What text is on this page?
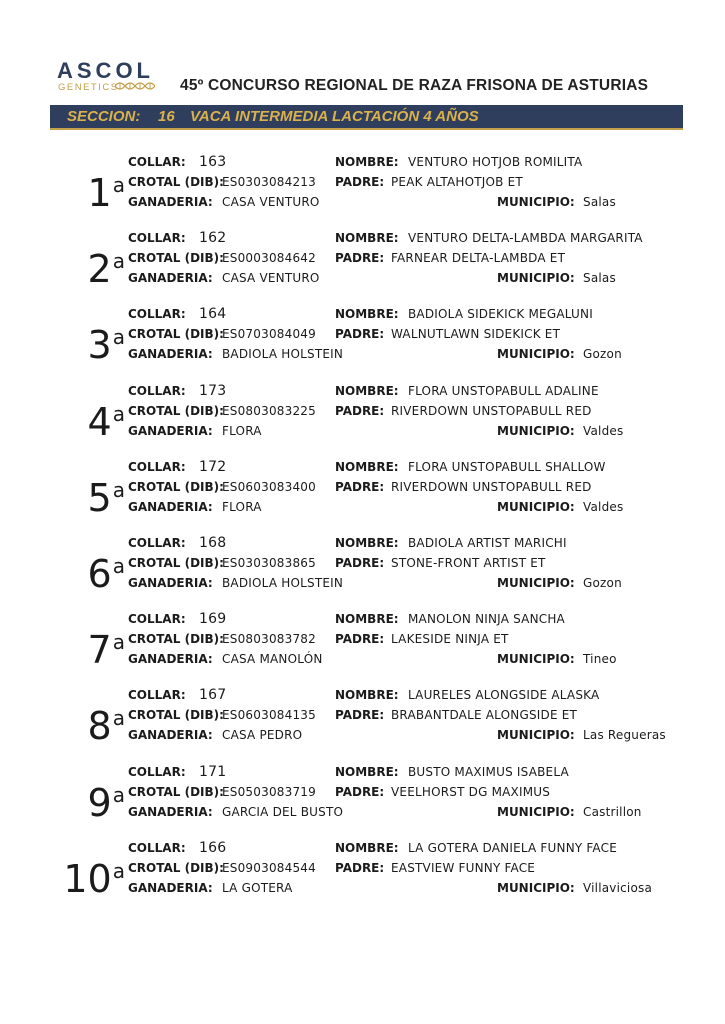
ASCOL
GENETICS	45º CONCURSO REGIONAL DE RAZA FRISONA DE ASTURIAS
SECCION: 16 VACA INTERMEDIA LACTACIÓN 4 AÑOS
1$^a$
COLLAR: 163
CROTAL (DIB):
ES0303084213
GANADERIA: CASA VENTURO
NOMBRE: VENTURO HOTJOB ROMILITA
PADRE: PEAK ALTAHOTJOB ET
MUNICIPIO: Salas
2$^a$
COLLAR: 162
CROTAL (DIB):
ES0003084642
GANADERIA: CASA VENTURO
NOMBRE: VENTURO DELTA-LAMBDA MARGARITA
PADRE: FARNEAR DELTA-LAMBDA ET
MUNICIPIO: Salas
3$^a$
COLLAR: 164
CROTAL (DIB):
ES0703084049
GANADERIA: BADIOLA HOLSTEIN
NOMBRE: BADIOLA SIDEKICK MEGALUNI
PADRE: WALNUTLAWN SIDEKICK ET
MUNICIPIO: Gozon
4$^a$
COLLAR: 173
CROTAL (DIB):
ES0803083225
GANADERIA: FLORA
NOMBRE: FLORA UNSTOPABULL ADALINE
PADRE: RIVERDOWN UNSTOPABULL RED
MUNICIPIO: Valdes
5$^a$
COLLAR: 172
CROTAL (DIB):
ES0603083400
GANADERIA: FLORA
NOMBRE: FLORA UNSTOPABULL SHALLOW
PADRE: RIVERDOWN UNSTOPABULL RED
MUNICIPIO: Valdes
6$^a$
COLLAR: 168
CROTAL (DIB):
ES0303083865
GANADERIA: BADIOLA HOLSTEIN
NOMBRE: BADIOLA ARTIST MARICHI
PADRE: STONE-FRONT ARTIST ET
MUNICIPIO: Gozon
7$^a$
COLLAR: 169
CROTAL (DIB):
ES0803083782
GANADERIA: CASA MANOLÓN
NOMBRE: MANOLON NINJA SANCHA
PADRE: LAKESIDE NINJA ET
MUNICIPIO: Tineo
8$^a$
COLLAR: 167
CROTAL (DIB):
ES0603084135
GANADERIA: CASA PEDRO
NOMBRE: LAURELES ALONGSIDE ALASKA
PADRE: BRABANTDALE ALONGSIDE ET
MUNICIPIO: Las Regueras
9$^a$
COLLAR: 171
CROTAL (DIB):
ES0503083719
GANADERIA: GARCIA DEL BUSTO
NOMBRE: BUSTO MAXIMUS ISABELA
PADRE: VEELHORST DG MAXIMUS
MUNICIPIO: Castrillon
10$^a$
COLLAR: 166
CROTAL (DIB):
ES0903084544
GANADERIA: LA GOTERA
NOMBRE: LA GOTERA DANIELA FUNNY FACE
PADRE: EASTVIEW FUNNY FACE
MUNICIPIO: Villaviciosa
